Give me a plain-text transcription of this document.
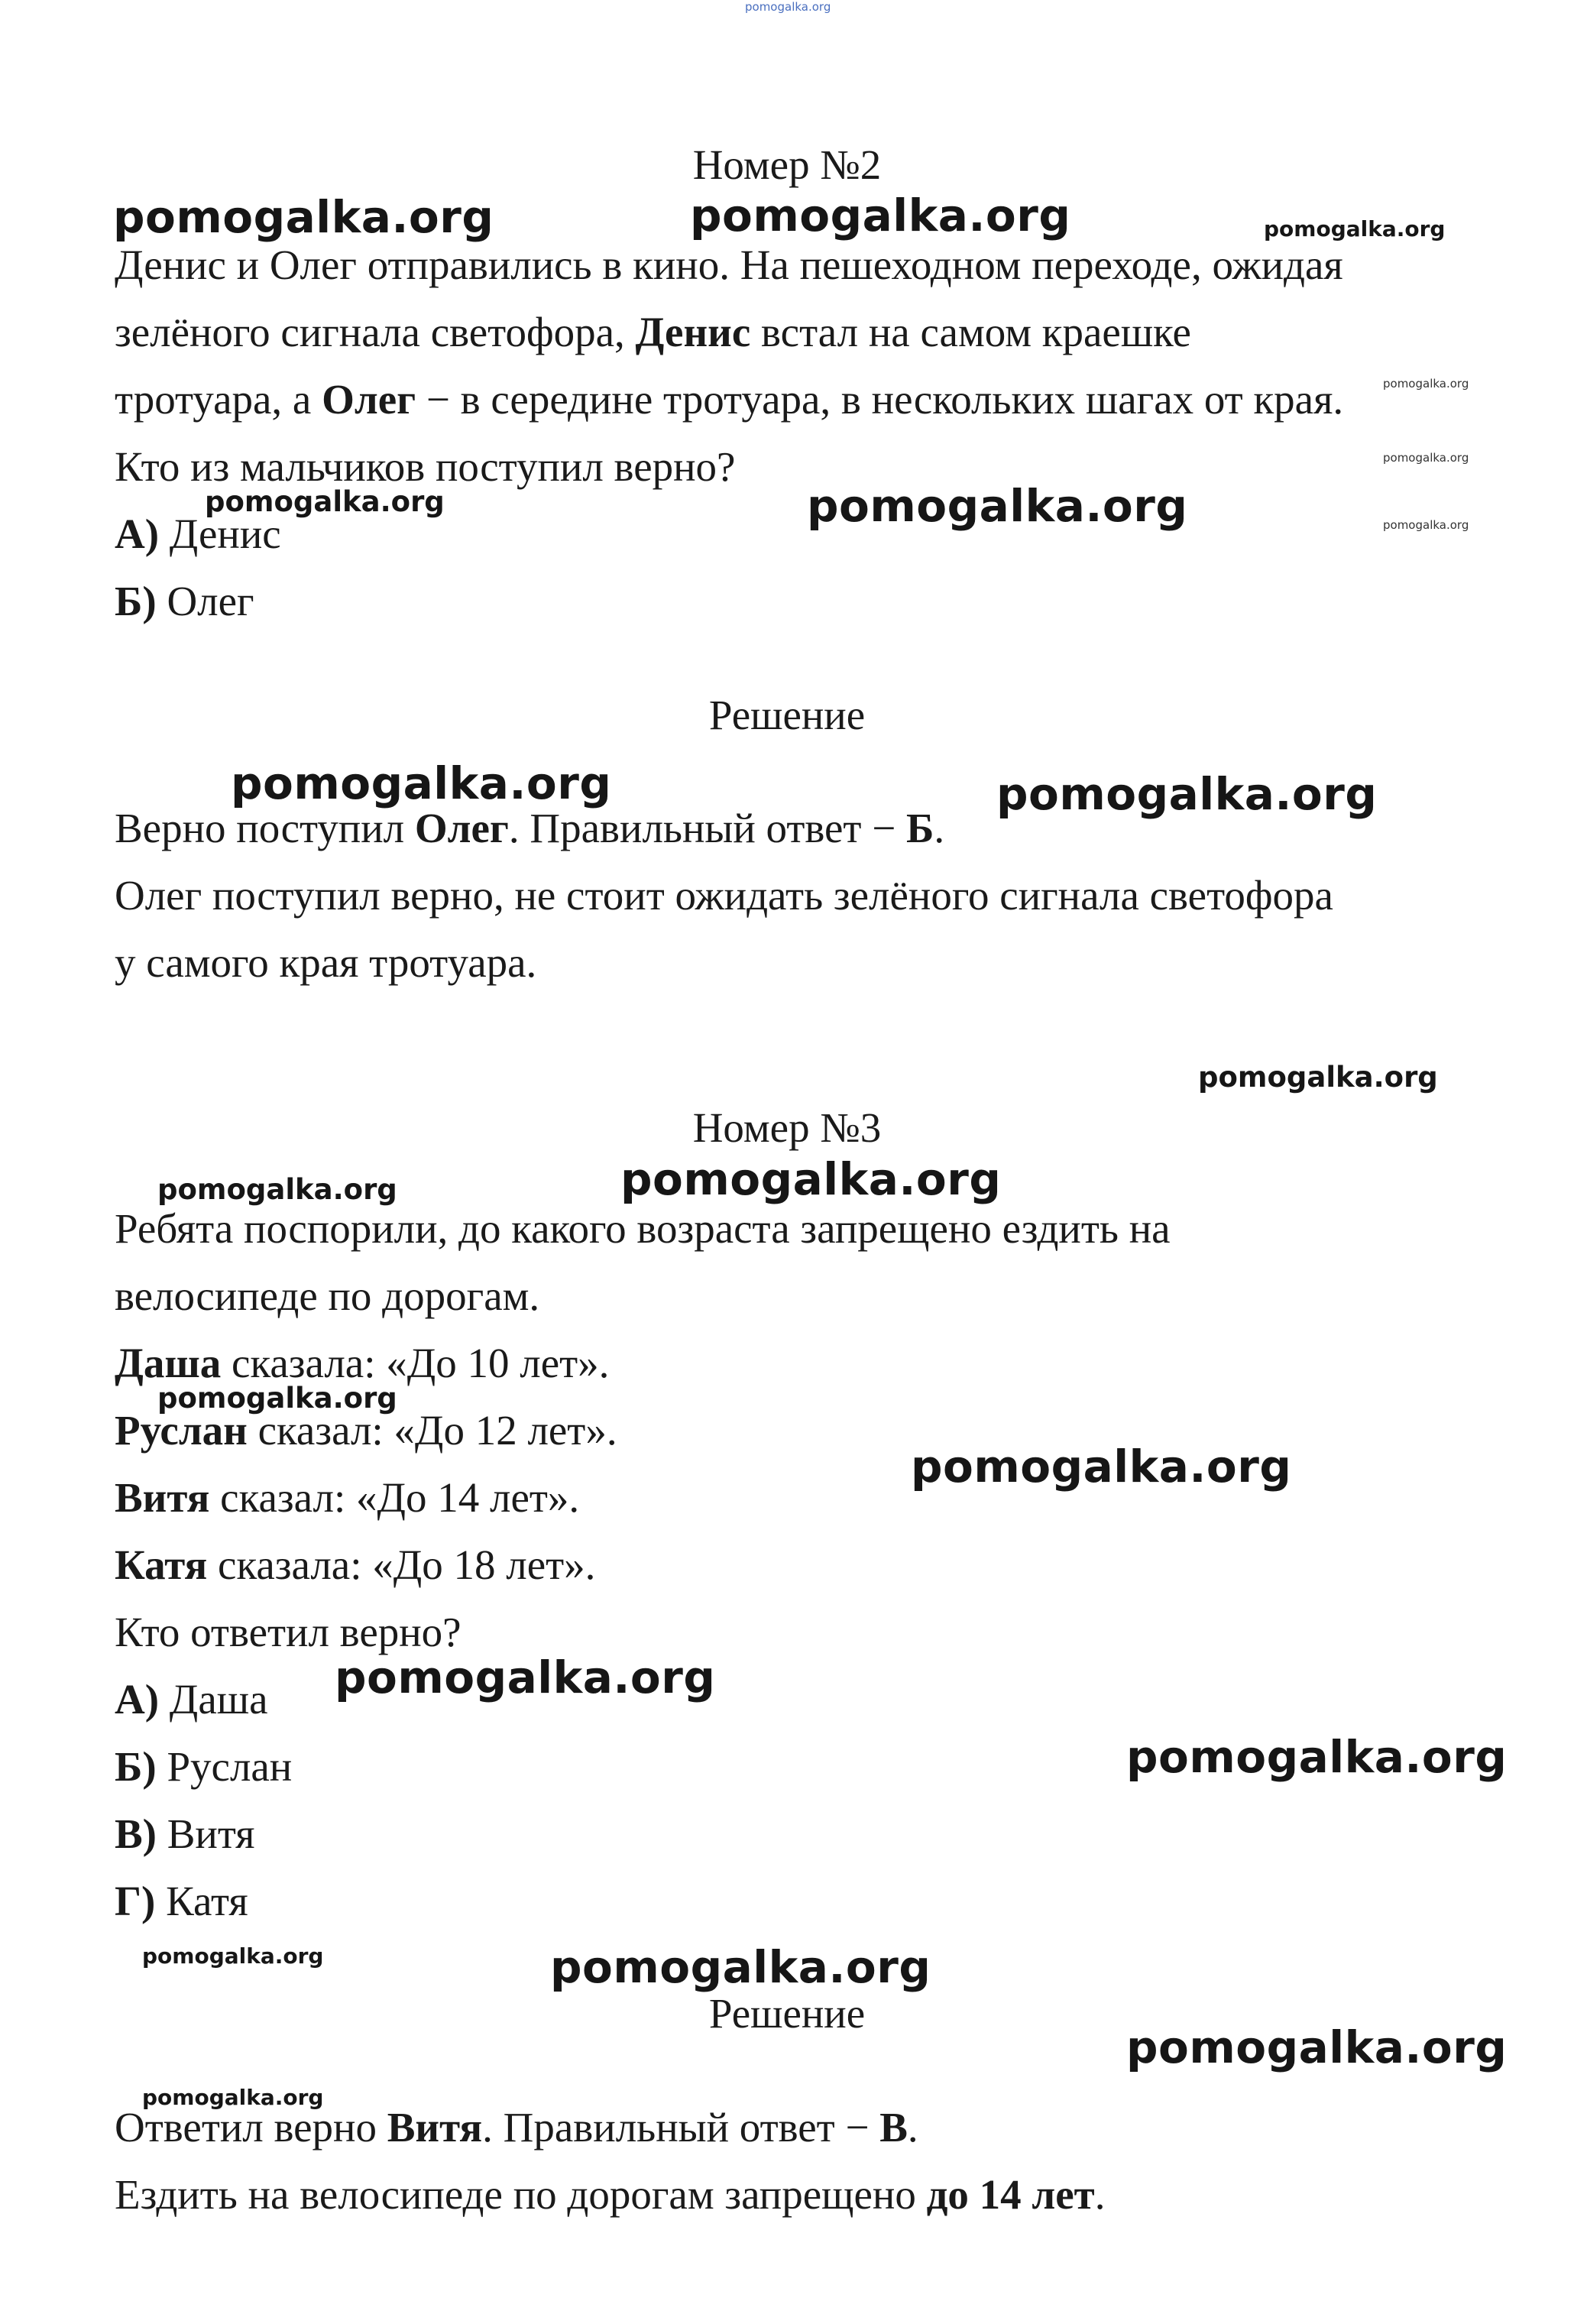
Номер №2

Денис и Олег отправились в кино. На пешеходном переходе, ожидая

зелёного сигнала светофора, Денис встал на самом краешке

тротуара, а Олег − в середине тротуара, в нескольких шагах от края.

Кто из мальчиков поступил верно?

А) Денис

Б) Олег

Решение

Верно поступил Олег. Правильный ответ − Б.

Олег поступил верно, не стоит ожидать зелёного сигнала светофора

у самого края тротуара.

Номер №3

Ребята поспорили, до какого возраста запрещено ездить на

велосипеде по дорогам.

Даша сказала: «До 10 лет».

Руслан сказал: «До 12 лет».

Витя сказал: «До 14 лет».

Катя сказала: «До 18 лет».

Кто ответил верно?

А) Даша

Б) Руслан

В) Витя

Г) Катя

Решение

Ответил верно Витя. Правильный ответ − В.

Ездить на велосипеде по дорогам запрещено до 14 лет.

pomogalka.org

pomogalka.org	pomogalka.org	pomogalka.org

pomogalka.org

pomogalka.org

pomogalka.org

pomogalka.org	pomogalka.org

pomogalka.org	pomogalka.org

pomogalka.org

pomogalka.org	pomogalka.org

pomogalka.org

pomogalka.org

pomogalka.org

pomogalka.org

pomogalka.org	pomogalka.org

pomogalka.org

pomogalka.org
